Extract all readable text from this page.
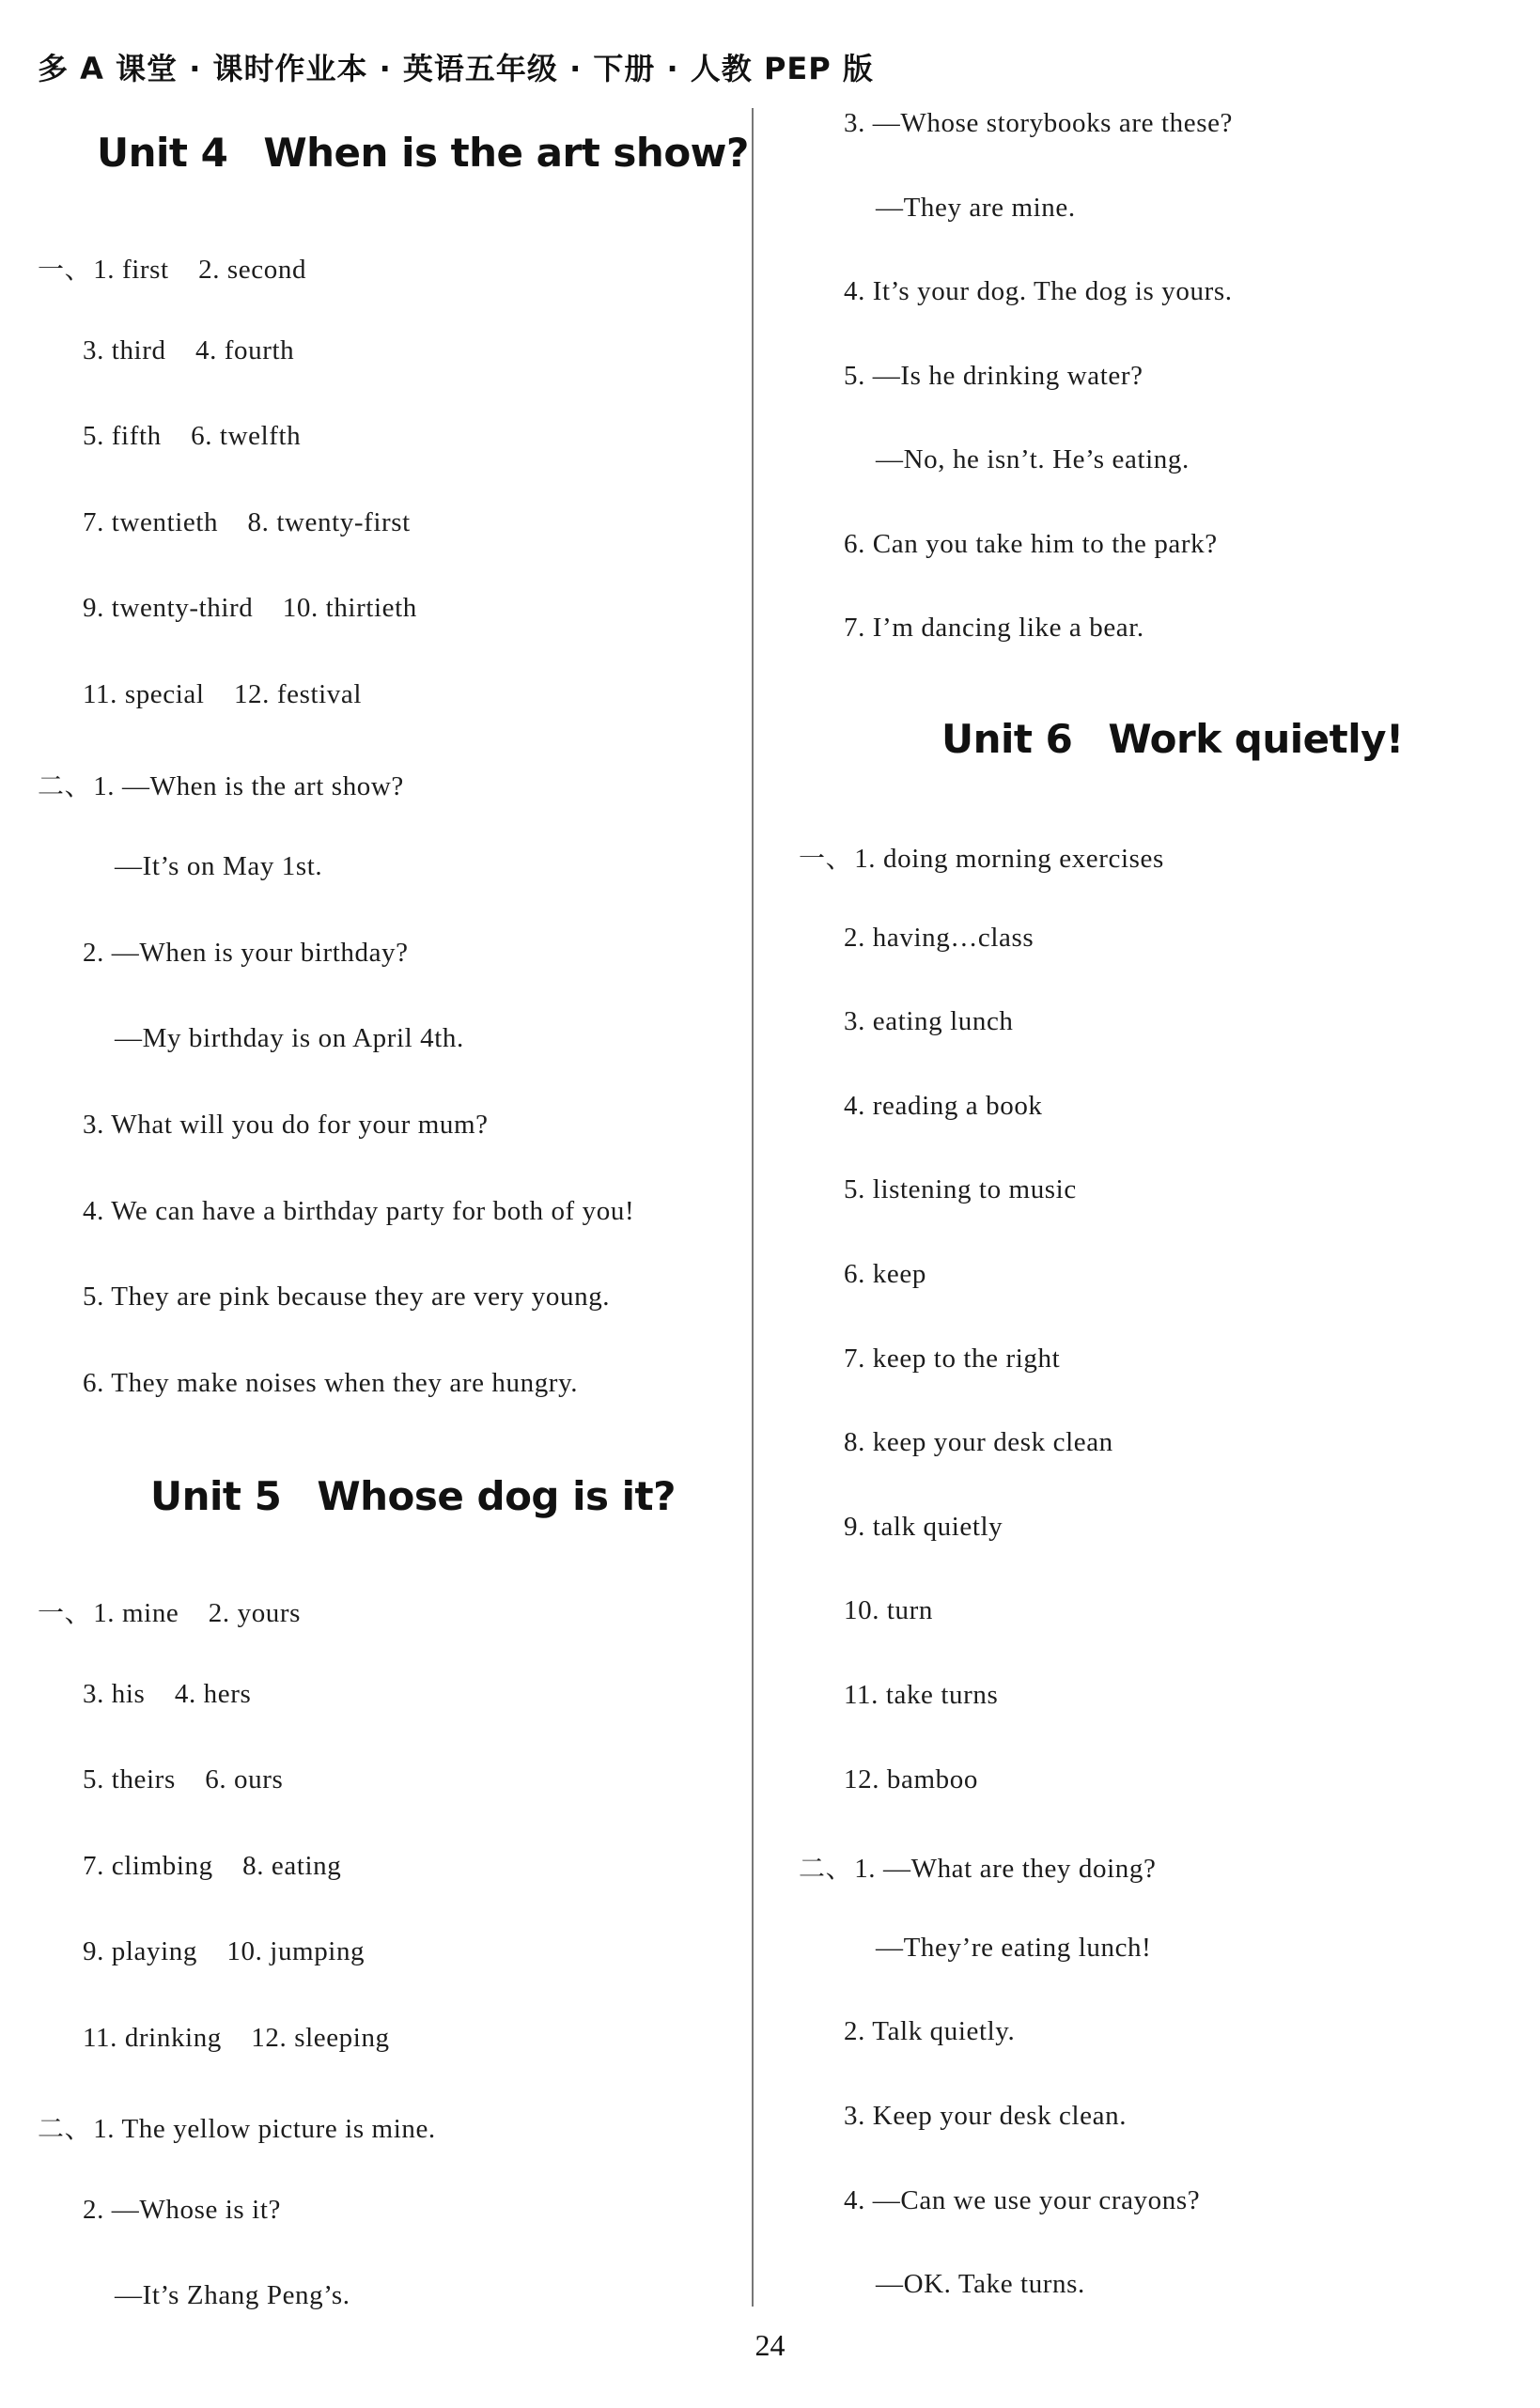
多 A 课堂 · 课时作业本 · 英语五年级 · 下册 · 人教 PEP 版
Unit 4 When is the art show?
一、1. first    2. second
3. third    4. fourth
5. fifth    6. twelfth
7. twentieth    8. twenty-first
9. twenty-third    10. thirtieth
11. special    12. festival
二、1. —When is the art show?
—It’s on May 1st.
2. —When is your birthday?
—My birthday is on April 4th.
3. What will you do for your mum?
4. We can have a birthday party for both of you!
5. They are pink because they are very young.
6. They make noises when they are hungry.
Unit 5 Whose dog is it?
一、1. mine    2. yours
3. his    4. hers
5. theirs    6. ours
7. climbing    8. eating
9. playing    10. jumping
11. drinking    12. sleeping
二、1. The yellow picture is mine.
2. —Whose is it?
—It’s Zhang Peng’s.
3. —Whose storybooks are these?
—They are mine.
4. It’s your dog. The dog is yours.
5. —Is he drinking water?
—No, he isn’t. He’s eating.
6. Can you take him to the park?
7. I’m dancing like a bear.
Unit 6 Work quietly!
一、1. doing morning exercises
2. having…class
3. eating lunch
4. reading a book
5. listening to music
6. keep
7. keep to the right
8. keep your desk clean
9. talk quietly
10. turn
11. take turns
12. bamboo
二、1. —What are they doing?
—They’re eating lunch!
2. Talk quietly.
3. Keep your desk clean.
4. —Can we use your crayons?
—OK. Take turns.
24
